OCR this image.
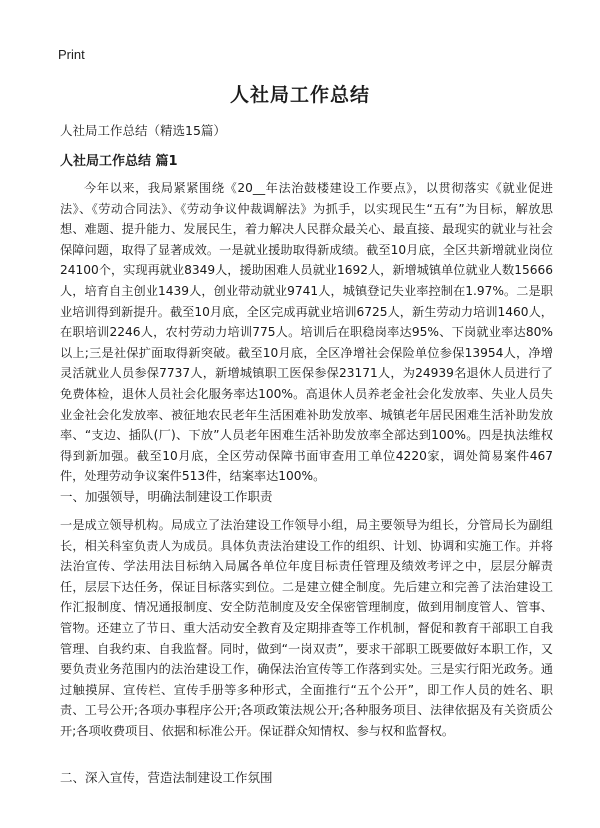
Print
人社局工作总结
人社局工作总结（精选15篇）
人社局工作总结 篇1

今年以来，我局紧紧围绕《20__年法治鼓楼建设工作要点》，以贯彻落实《就业促进法》、《劳动合同法》、《劳动争议仲裁调解法》为抓手，以实现民生“五有”为目标，解放思想、难题、提升能力、发展民生，着力解决人民群众最关心、最直接、最现实的就业与社会保障问题，取得了显著成效。一是就业援助取得新成绩。截至10月底，全区共新增就业岗位24100个，实现再就业8349人，援助困难人员就业1692人，新增城镇单位就业人数15666人，培育自主创业1439人，创业带动就业9741人，城镇登记失业率控制在1.97%。二是职业培训得到新提升。截至10月底，全区完成再就业培训6725人，新生劳动力培训1460人，在职培训2246人，农村劳动力培训775人。培训后在职稳岗率达95%、下岗就业率达80%以上;三是社保扩面取得新突破。截至10月底，全区净增社会保险单位参保13954人，净增灵活就业人员参保7737人，新增城镇职工医保参保23171人，为24939名退休人员进行了免费体检，退休人员社会化服务率达100%。高退休人员养老金社会化发放率、失业人员失业金社会化发放率、被征地农民老年生活困难补助发放率、城镇老年居民困难生活补助发放率、“支边、插队(厂)、下放”人员老年困难生活补助发放率全部达到100%。四是执法维权得到新加强。截至10月底，全区劳动保障书面审查用工单位4220家，调处简易案件467件，处理劳动争议案件513件，结案率达100%。

一、加强领导，明确法制建设工作职责

一是成立领导机构。局成立了法治建设工作领导小组，局主要领导为组长，分管局长为副组长，相关科室负责人为成员。具体负责法治建设工作的组织、计划、协调和实施工作。并将法治宣传、学法用法目标纳入局属各单位年度目标责任管理及绩效考评之中，层层分解责任，层层下达任务，保证目标落实到位。二是建立健全制度。先后建立和完善了法治建设工作汇报制度、情况通报制度、安全防范制度及安全保密管理制度，做到用制度管人、管事、管物。还建立了节日、重大活动安全教育及定期排查等工作机制，督促和教育干部职工自我管理、自我约束、自我监督。同时，做到“一岗双责”，要求干部职工既要做好本职工作，又要负责业务范围内的法治建设工作，确保法治宣传等工作落到实处。三是实行阳光政务。通过触摸屏、宣传栏、宣传手册等多种形式，全面推行“五个公开”，即工作人员的姓名、职责、工号公开;各项办事程序公开;各项政策法规公开;各种服务项目、法律依据及有关资质公开;各项收费项目、依据和标准公开。保证群众知情权、参与权和监督权。

二、深入宣传，营造法制建设工作氛围
